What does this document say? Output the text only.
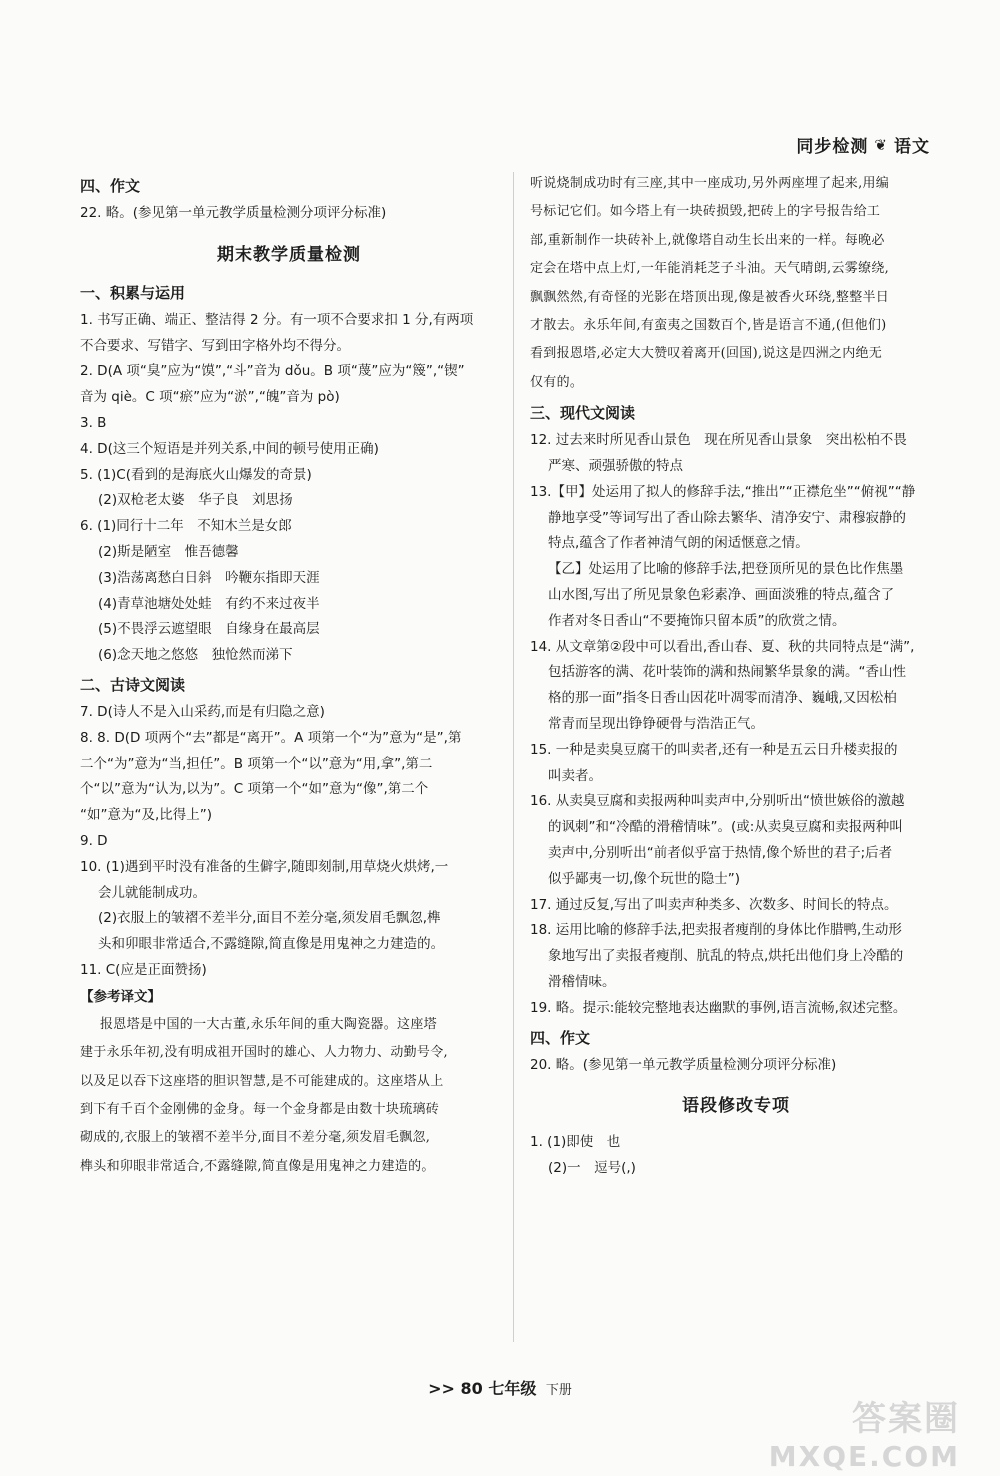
同步检测 ❦ 语文

四、作文

22. 略。(参见第一单元教学质量检测分项评分标准)

期末教学质量检测

一、积累与运用

1. 书写正确、端正、整洁得 2 分。有一项不合要求扣 1 分,有两项

不合要求、写错字、写到田字格外均不得分。

2. D(A 项“臭”应为“馍”,“斗”音为 dǒu。B 项“蔑”应为“篾”,“锲”

音为 qiè。C 项“瘀”应为“淤”,“魄”音为 pò)

3. B

4. D(这三个短语是并列关系,中间的顿号使用正确)

5. (1)C(看到的是海底火山爆发的奇景)

(2)双枪老太婆　华子良　刘思扬

6. (1)同行十二年　不知木兰是女郎

(2)斯是陋室　惟吾德馨

(3)浩荡离愁白日斜　吟鞭东指即天涯

(4)青草池塘处处蛙　有约不来过夜半

(5)不畏浮云遮望眼　自缘身在最高层

(6)念天地之悠悠　独怆然而涕下

二、古诗文阅读

7. D(诗人不是入山采药,而是有归隐之意)

8. 8. D(D 项两个“去”都是“离开”。A 项第一个“为”意为“是”,第

二个“为”意为“当,担任”。B 项第一个“以”意为“用,拿”,第二

个“以”意为“认为,以为”。C 项第一个“如”意为“像”,第二个

“如”意为“及,比得上”)

9. D

10. (1)遇到平时没有准备的生僻字,随即刻制,用草烧火烘烤,一

会儿就能制成功。

(2)衣服上的皱褶不差半分,面目不差分毫,须发眉毛飘忽,榫

头和卯眼非常适合,不露缝隙,简直像是用鬼神之力建造的。

11. C(应是正面赞扬)

【参考译文】

报恩塔是中国的一大古董,永乐年间的重大陶瓷器。这座塔

建于永乐年初,没有明成祖开国时的雄心、人力物力、动勤号令,

以及足以吞下这座塔的胆识智慧,是不可能建成的。这座塔从上

到下有千百个金刚佛的金身。每一个金身都是由数十块琉璃砖

砌成的,衣服上的皱褶不差半分,面目不差分毫,须发眉毛飘忽,

榫头和卯眼非常适合,不露缝隙,简直像是用鬼神之力建造的。

听说烧制成功时有三座,其中一座成功,另外两座埋了起来,用编

号标记它们。如今塔上有一块砖损毁,把砖上的字号报告给工

部,重新制作一块砖补上,就像塔自动生长出来的一样。每晚必

定会在塔中点上灯,一年能消耗芝子斗油。天气晴朗,云雾缭绕,

飘飘然然,有奇怪的光影在塔顶出现,像是被香火环绕,整整半日

才散去。永乐年间,有蛮夷之国数百个,皆是语言不通,(但他们)

看到报恩塔,必定大大赞叹着离开(回国),说这是四洲之内绝无

仅有的。

三、现代文阅读

12. 过去来时所见香山景色　现在所见香山景象　突出松柏不畏

严寒、顽强骄傲的特点

13.【甲】处运用了拟人的修辞手法,“推出”“正襟危坐”“俯视”“静

静地享受”等词写出了香山除去繁华、清净安宁、肃穆寂静的

特点,蕴含了作者神清气朗的闲适惬意之情。

【乙】处运用了比喻的修辞手法,把登顶所见的景色比作焦墨

山水图,写出了所见景象色彩素净、画面淡雅的特点,蕴含了

作者对冬日香山“不要掩饰只留本质”的欣赏之情。

14. 从文章第②段中可以看出,香山春、夏、秋的共同特点是“满”,

包括游客的满、花叶装饰的满和热闹繁华景象的满。“香山性

格的那一面”指冬日香山因花叶凋零而清净、巍峨,又因松柏

常青而呈现出铮铮硬骨与浩浩正气。

15. 一种是卖臭豆腐干的叫卖者,还有一种是五云日升楼卖报的

叫卖者。

16. 从卖臭豆腐和卖报两种叫卖声中,分别听出“愤世嫉俗的激越

的讽刺”和“冷酷的滑稽情味”。(或:从卖臭豆腐和卖报两种叫

卖声中,分别听出“前者似乎富于热情,像个矫世的君子;后者

似乎鄙夷一切,像个玩世的隐士”)

17. 通过反复,写出了叫卖声种类多、次数多、时间长的特点。

18. 运用比喻的修辞手法,把卖报者瘦削的身体比作腊鸭,生动形

象地写出了卖报者瘦削、肮乱的特点,烘托出他们身上冷酷的

滑稽情味。

19. 略。提示:能较完整地表达幽默的事例,语言流畅,叙述完整。

四、作文

20. 略。(参见第一单元教学质量检测分项评分标准)

语段修改专项

1. (1)即使　也

(2)一　逗号(,)

>> 80 七年级 下册
答案圈
MXQE.COM
